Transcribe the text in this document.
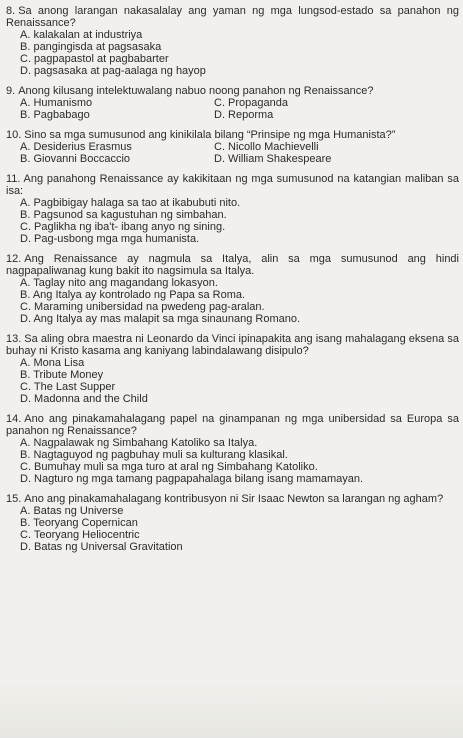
8. Sa anong larangan nakasalalay ang yaman ng mga lungsod-estado sa panahon ng Renaissance?
A. kalakalan at industriya
B. pangingisda at pagsasaka
C. pagpapastol at pagbabarter
D. pagsasaka at pag-aalaga ng hayop
9. Anong kilusang intelektuwalang nabuo noong panahon ng Renaissance?
A. Humanismo	C. Propaganda
B. Pagbabago	D. Reporma
10. Sino sa mga sumusunod ang kinikilala bilang “Prinsipe ng mga Humanista?”
A. Desiderius Erasmus	C. Nicollo Machievelli
B. Giovanni Boccaccio	D. William Shakespeare
11. Ang panahong Renaissance ay kakikitaan ng mga sumusunod na katangian maliban sa isa:
A. Pagbibigay halaga sa tao at ikabubuti nito.
B. Pagsunod sa kagustuhan ng simbahan.
C. Paglikha ng iba't- ibang anyo ng sining.
D. Pag-usbong mga mga humanista.
12. Ang Renaissance ay nagmula sa Italya, alin sa mga sumusunod ang hindi nagpapaliwanag kung bakit ito nagsimula sa Italya.
A. Taglay nito ang magandang lokasyon.
B. Ang Italya ay kontrolado ng Papa sa Roma.
C. Maraming unibersidad na pwedeng pag-aralan.
D. Ang Italya ay mas malapit sa mga sinaunang Romano.
13. Sa aling obra maestra ni Leonardo da Vinci ipinapakita ang isang mahalagang eksena sa buhay ni Kristo kasama ang kaniyang labindalawang disipulo?
A. Mona Lisa
B. Tribute Money
C. The Last Supper
D. Madonna and the Child
14. Ano ang pinakamahalagang papel na ginampanan ng mga unibersidad sa Europa sa panahon ng Renaissance?
A. Nagpalawak ng Simbahang Katoliko sa Italya.
B. Nagtaguyod ng pagbuhay muli sa kulturang klasikal.
C. Bumuhay muli sa mga turo at aral ng Simbahang Katoliko.
D. Nagturo ng mga tamang pagpapahalaga bilang isang mamamayan.
15. Ano ang pinakamahalagang kontribusyon ni Sir Isaac Newton sa larangan ng agham?
A. Batas ng Universe
B. Teoryang Copernican
C. Teoryang Heliocentric
D. Batas ng Universal Gravitation
